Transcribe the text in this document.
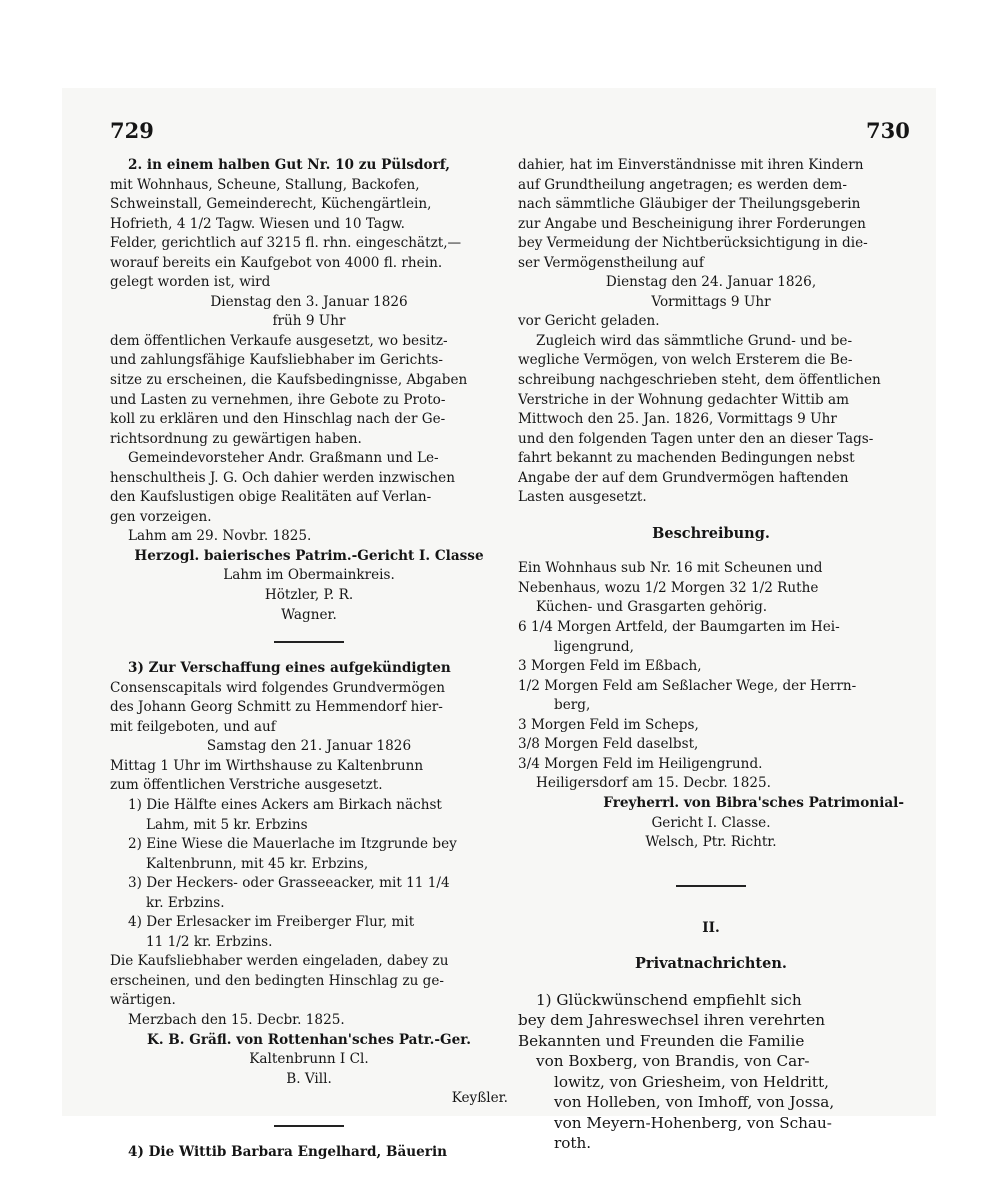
729	730
2. in einem halben Gut Nr. 10 zu Pülsdorf,
mit Wohnhaus, Scheune, Stallung, Backofen,
Schweinstall, Gemeinderecht, Küchengärtlein,
Hofrieth, 4 1/2 Tagw. Wiesen und 10 Tagw.
Felder, gerichtlich auf 3215 fl. rhn. eingeschätzt,—
worauf bereits ein Kaufgebot von 4000 fl. rhein.
gelegt worden ist, wird
Dienstag den 3. Januar 1826
früh 9 Uhr
dem öffentlichen Verkaufe ausgesetzt, wo besitz-
und zahlungsfähige Kaufsliebhaber im Gerichts-
sitze zu erscheinen, die Kaufsbedingnisse, Abgaben
und Lasten zu vernehmen, ihre Gebote zu Proto-
koll zu erklären und den Hinschlag nach der Ge-
richtsordnung zu gewärtigen haben.
Gemeindevorsteher Andr. Graßmann und Le-
henschultheis J. G. Och dahier werden inzwischen
den Kaufslustigen obige Realitäten auf Verlan-
gen vorzeigen.
Lahm am 29. Novbr. 1825.
Herzogl. baierisches Patrim.-Gericht I. Classe
Lahm im Obermainkreis.
Hötzler, P. R.
Wagner.
3) Zur Verschaffung eines aufgekündigten
Consenscapitals wird folgendes Grundvermögen
des Johann Georg Schmitt zu Hemmendorf hier-
mit feilgeboten, und auf
Samstag den 21. Januar 1826
Mittag 1 Uhr im Wirthshause zu Kaltenbrunn
zum öffentlichen Verstriche ausgesetzt.
1) Die Hälfte eines Ackers am Birkach nächst
Lahm, mit 5 kr. Erbzins
2) Eine Wiese die Mauerlache im Itzgrunde bey
Kaltenbrunn, mit 45 kr. Erbzins,
3) Der Heckers- oder Grasseeacker, mit 11 1/4
kr. Erbzins.
4) Der Erlesacker im Freiberger Flur, mit
11 1/2 kr. Erbzins.
Die Kaufsliebhaber werden eingeladen, dabey zu
erscheinen, und den bedingten Hinschlag zu ge-
wärtigen.
Merzbach den 15. Decbr. 1825.
K. B. Gräfl. von Rottenhan'sches Patr.-Ger.
Kaltenbrunn I Cl.
B. Vill.
Keyßler.
4) Die Wittib Barbara Engelhard, Bäuerin
dahier, hat im Einverständnisse mit ihren Kindern
auf Grundtheilung angetragen; es werden dem-
nach sämmtliche Gläubiger der Theilungsgeberin
zur Angabe und Bescheinigung ihrer Forderungen
bey Vermeidung der Nichtberücksichtigung in die-
ser Vermögenstheilung auf
Dienstag den 24. Januar 1826,
Vormittags 9 Uhr
vor Gericht geladen.
Zugleich wird das sämmtliche Grund- und be-
wegliche Vermögen, von welch Ersterem die Be-
schreibung nachgeschrieben steht, dem öffentlichen
Verstriche in der Wohnung gedachter Wittib am
Mittwoch den 25. Jan. 1826, Vormittags 9 Uhr
und den folgenden Tagen unter den an dieser Tags-
fahrt bekannt zu machenden Bedingungen nebst
Angabe der auf dem Grundvermögen haftenden
Lasten ausgesetzt.
Beschreibung.
Ein Wohnhaus sub Nr. 16 mit Scheunen und
Nebenhaus, wozu 1/2 Morgen 32 1/2 Ruthe
Küchen- und Grasgarten gehörig.
6 1/4 Morgen Artfeld, der Baumgarten im Hei-
ligengrund,
3 Morgen Feld im Eßbach,
1/2 Morgen Feld am Seßlacher Wege, der Herrn-
berg,
3 Morgen Feld im Scheps,
3/8 Morgen Feld daselbst,
3/4 Morgen Feld im Heiligengrund.
Heiligersdorf am 15. Decbr. 1825.
Freyherrl. von Bibra'sches Patrimonial-
Gericht I. Classe.
Welsch, Ptr. Richtr.
II.
Privatnachrichten.
1) Glückwünschend empfiehlt sich
bey dem Jahreswechsel ihren verehrten
Bekannten und Freunden die Familie
von Boxberg, von Brandis, von Car-
lowitz, von Griesheim, von Heldritt,
von Holleben, von Imhoff, von Jossa,
von Meyern-Hohenberg, von Schau-
roth.
